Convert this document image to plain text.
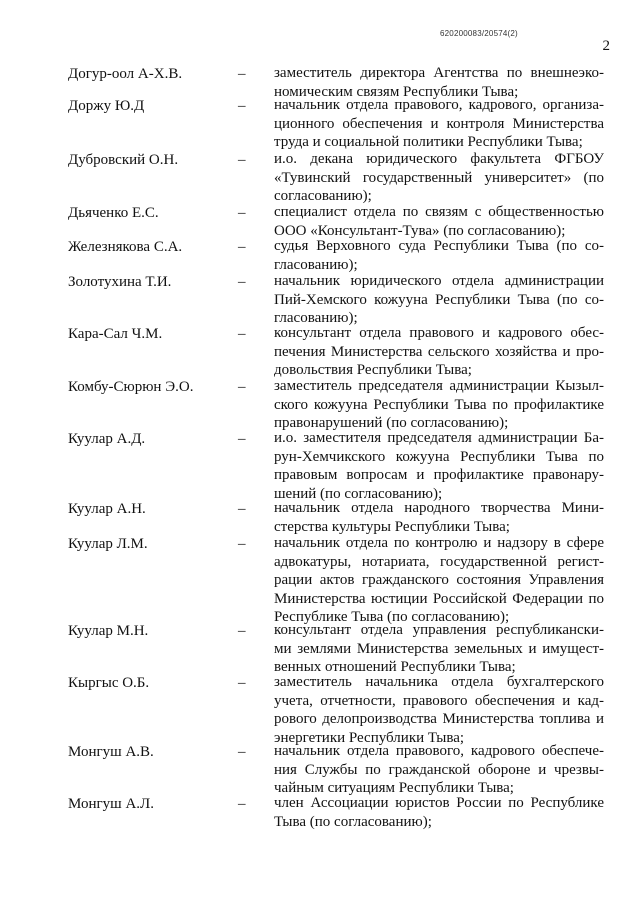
620200083/20574(2)
2
Догур-оол А-Х.В.	– заместитель директора Агентства по внешнеэко-
номическим связям Республики Тыва;
Доржу Ю.Д	– начальник отдела правового, кадрового, организа-
ционного обеспечения и контроля Министерства
труда и социальной политики Республики Тыва;
Дубровский О.Н.	– и.о. декана юридического факультета ФГБОУ
«Тувинский государственный университет» (по
согласованию);
Дьяченко Е.С.	– специалист отдела по связям с общественностью
ООО «Консультант-Тува» (по согласованию);
Железнякова С.А.	– судья Верховного суда Республики Тыва (по со-
гласованию);
Золотухина Т.И.	– начальник юридического отдела администрации
Пий-Хемского кожууна Республики Тыва (по со-
гласованию);
Кара-Сал Ч.М.	– консультант отдела правового и кадрового обес-
печения Министерства сельского хозяйства и про-
довольствия Республики Тыва;
Комбу-Сюрюн Э.О.	– заместитель председателя администрации Кызыл-
ского кожууна Республики Тыва по профилактике
правонарушений (по согласованию);
Куулар А.Д.	– и.о. заместителя председателя администрации Ба-
рун-Хемчикского кожууна Республики Тыва по
правовым вопросам и профилактике правонару-
шений (по согласованию);
Куулар А.Н.	– начальник отдела народного творчества Мини-
стерства культуры Республики Тыва;
Куулар Л.М.	– начальник отдела по контролю и надзору в сфере
адвокатуры, нотариата, государственной регист-
рации актов гражданского состояния Управления
Министерства юстиции Российской Федерации по
Республике Тыва (по согласованию);
Куулар М.Н.	– консультант отдела управления республикански-
ми землями Министерства земельных и имущест-
венных отношений Республики Тыва;
Кыргыс О.Б.	– заместитель начальника отдела бухгалтерского
учета, отчетности, правового обеспечения и кад-
рового делопроизводства Министерства топлива и
энергетики Республики Тыва;
Монгуш А.В.	– начальник отдела правового, кадрового обеспече-
ния Службы по гражданской обороне и чрезвы-
чайным ситуациям Республики Тыва;
Монгуш А.Л.	– член Ассоциации юристов России по Республике
Тыва (по согласованию);
